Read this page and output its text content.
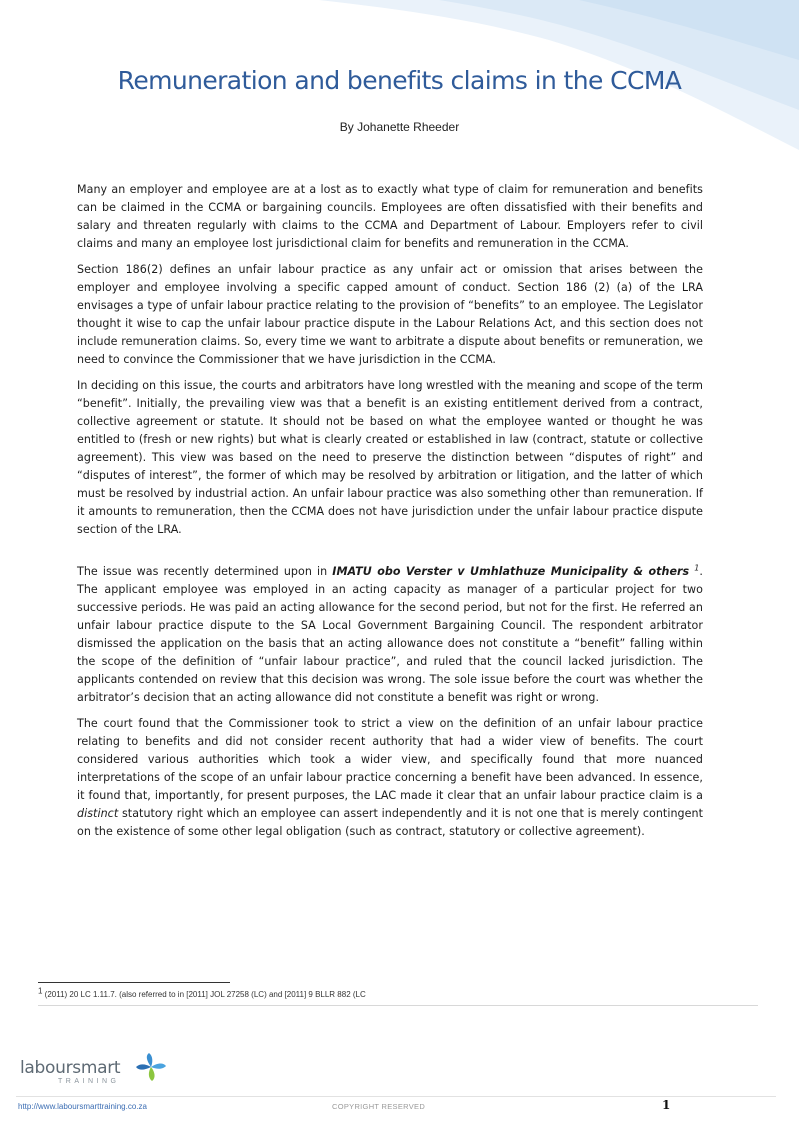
Remuneration and benefits claims in the CCMA
By Johanette Rheeder

Many an employer and employee are at a lost as to exactly what type of claim for remuneration and benefits can be claimed in the CCMA or bargaining councils. Employees are often dissatisfied with their benefits and salary and threaten regularly with claims to the CCMA and Department of Labour. Employers refer to civil claims and many an employee lost jurisdictional claim for benefits and remuneration in the CCMA.

Section 186(2) defines an unfair labour practice as any unfair act or omission that arises between the employer and employee involving a specific capped amount of conduct. Section 186 (2) (a) of the LRA envisages a type of unfair labour practice relating to the provision of “benefits” to an employee. The Legislator thought it wise to cap the unfair labour practice dispute in the Labour Relations Act, and this section does not include remuneration claims. So, every time we want to arbitrate a dispute about benefits or remuneration, we need to convince the Commissioner that we have jurisdiction in the CCMA.

In deciding on this issue, the courts and arbitrators have long wrestled with the meaning and scope of the term “benefit”. Initially, the prevailing view was that a benefit is an existing entitlement derived from a contract, collective agreement or statute. It should not be based on what the employee wanted or thought he was entitled to (fresh or new rights) but what is clearly created or established in law (contract, statute or collective agreement). This view was based on the need to preserve the distinction between “disputes of right” and “disputes of interest”, the former of which may be resolved by arbitration or litigation, and the latter of which must be resolved by industrial action. An unfair labour practice was also something other than remuneration. If it amounts to remuneration, then the CCMA does not have jurisdiction under the unfair labour practice dispute section of the LRA.

The issue was recently determined upon in IMATU obo Verster v Umhlathuze Municipality & others $^1$. The applicant employee was employed in an acting capacity as manager of a particular project for two successive periods. He was paid an acting allowance for the second period, but not for the first. He referred an unfair labour practice dispute to the SA Local Government Bargaining Council. The respondent arbitrator dismissed the application on the basis that an acting allowance does not constitute a “benefit” falling within the scope of the definition of “unfair labour practice”, and ruled that the council lacked jurisdiction. The applicants contended on review that this decision was wrong. The sole issue before the court was whether the arbitrator’s decision that an acting allowance did not constitute a benefit was right or wrong.

The court found that the Commissioner took to strict a view on the definition of an unfair labour practice relating to benefits and did not consider recent authority that had a wider view of benefits. The court considered various authorities which took a wider view, and specifically found that more nuanced interpretations of the scope of an unfair labour practice concerning a benefit have been advanced. In essence, it found that, importantly, for present purposes, the LAC made it clear that an unfair labour practice claim is a distinct statutory right which an employee can assert independently and it is not one that is merely contingent on the existence of some other legal obligation (such as contract, statutory or collective agreement).

$^1$ (2011) 20 LC 1.11.7. (also referred to in [2011] JOL 27258 (LC) and [2011] 9 BLLR 882 (LC
laboursmart
TRAINING
http://www.laboursmarttraining.co.za	COPYRIGHT RESERVED	1
